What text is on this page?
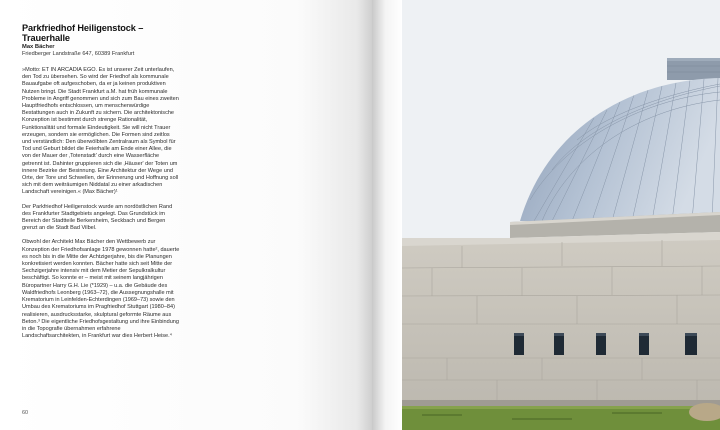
Parkfriedhof Heiligenstock –
Trauerhalle

Max Bächer
Friedberger Landstraße 647, 60389 Frankfurt

»Motto: ET IN ARCADIA EGO. Es ist unserer Zeit unterlaufen, den Tod zu übersehen. So wird der Friedhof als kommunale Bauaufgabe oft aufgeschoben, da er ja keinen produktiven Nutzen bringt. Die Stadt Frankfurt a.M. hat früh kommunale Probleme in Angriff genommen und sich zum Bau eines zweiten Hauptfriedhofs entschlossen, um menschenwürdige Bestattungen auch in Zukunft zu sichern. Die architektonische Konzeption ist bestimmt durch strenge Rationalität, Funktionalität und formale Eindeutigkeit. Sie will nicht Trauer erzeugen, sondern sie ermöglichen. Die Formen sind zeitlos und verständlich: Den überwölbten Zentralraum als Symbol für Tod und Geburt bildet die Feierhalle am Ende einer Allee, die von der Mauer der ‚Totenstadt' durch eine Wasserfläche getrennt ist. Dahinter gruppieren sich die ‚Häuser' der Toten um innere Bezirke der Besinnung. Eine Architektur der Wege und Orte, der Tore und Schwellen, der Erinnerung und Hoffnung soll sich mit dem weiträumigen Niddatal zu einer arkadischen Landschaft vereinigen.« (Max Bächer)¹

Der Parkfriedhof Heiligenstock wurde am nordöstlichen Rand des Frankfurter Stadtgebiets angelegt. Das Grundstück im Bereich der Stadtteile Berkersheim, Seckbach und Bergen grenzt an die Stadt Bad Vilbel.

Obwohl der Architekt Max Bächer den Wettbewerb zur Konzeption der Friedhofsanlage 1978 gewonnen hatte², dauerte es noch bis in die Mitte der Achtzigerjahre, bis die Planungen konkretisiert werden konnten. Bächer hatte sich seit Mitte der Sechzigerjahre intensiv mit dem Metier der Sepulkralkultur beschäftigt. So konnte er – meist mit seinem langjährigen Büropartner Harry G.H. Lie (*1929) – u.a. die Gebäude des Waldfriedhofs Leonberg (1963–72), die Aussegnungshalle mit Krematorium in Leinfelden-Echterdingen (1969–73) sowie den Umbau des Krematoriums im Pragfriedhof Stuttgart (1980–84) realisieren, ausdrucksstarke, skulptural geformte Räume aus Beton.³ Die eigentliche Friedhofsgestaltung und ihre Einbindung in die Topografie übernahmen erfahrene Landschaftsarchitekten, in Frankfurt war dies Herbert Heise.⁴

60
